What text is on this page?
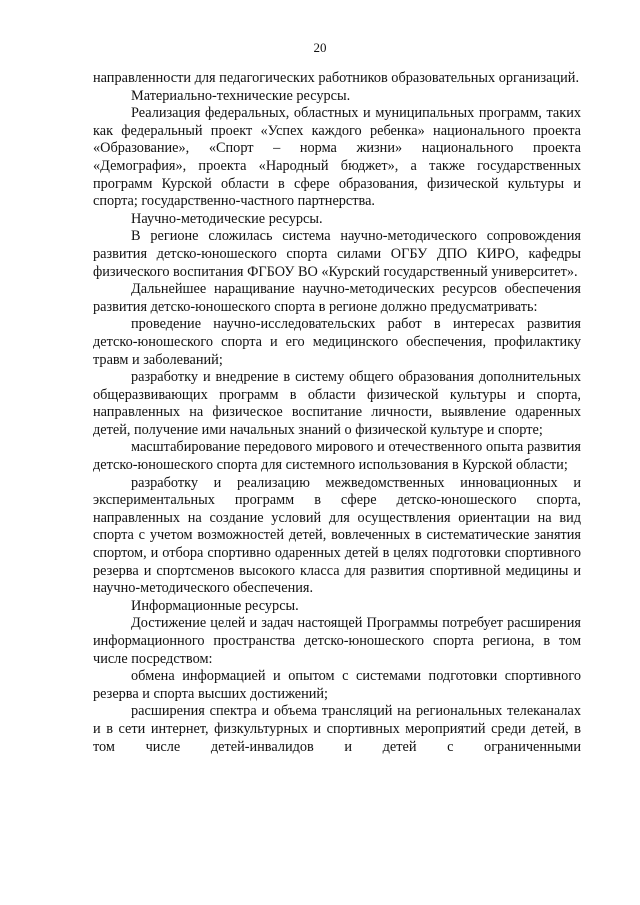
20

направленности для педагогических работников образовательных организаций.

Материально-технические ресурсы.

Реализация федеральных, областных и муниципальных программ, таких как федеральный проект «Успех каждого ребенка» национального проекта «Образование», «Спорт – норма жизни» национального проекта «Демография», проекта «Народный бюджет», а также государственных программ Курской области в сфере образования, физической культуры и спорта; государственно-частного партнерства.

Научно-методические ресурсы.

В регионе сложилась система научно-методического сопровождения развития детско-юношеского спорта силами ОГБУ ДПО КИРО, кафедры физического воспитания ФГБОУ ВО «Курский государственный университет».

Дальнейшее наращивание научно-методических ресурсов обеспечения развития детско-юношеского спорта в регионе должно предусматривать:

проведение научно-исследовательских работ в интересах развития детско-юношеского спорта и его медицинского обеспечения, профилактику травм и заболеваний;

разработку и внедрение в систему общего образования дополнительных общеразвивающих программ в области физической культуры и спорта, направленных на физическое воспитание личности, выявление одаренных детей, получение ими начальных знаний о физической культуре и спорте;

масштабирование передового мирового и отечественного опыта развития детско-юношеского спорта для системного использования в Курской области;

разработку и реализацию межведомственных инновационных и экспериментальных программ в сфере детско-юношеского спорта, направленных на создание условий для осуществления ориентации на вид спорта с учетом возможностей детей, вовлеченных в систематические занятия спортом, и отбора спортивно одаренных детей в целях подготовки спортивного резерва и спортсменов высокого класса для развития спортивной медицины и научно-методического обеспечения.

Информационные ресурсы.

Достижение целей и задач настоящей Программы потребует расширения информационного пространства детско-юношеского спорта региона, в том числе посредством:

обмена информацией и опытом с системами подготовки спортивного резерва и спорта высших достижений;

расширения спектра и объема трансляций на региональных телеканалах и в сети интернет, физкультурных и спортивных мероприятий среди детей, в том числе детей-инвалидов и детей с ограниченными
